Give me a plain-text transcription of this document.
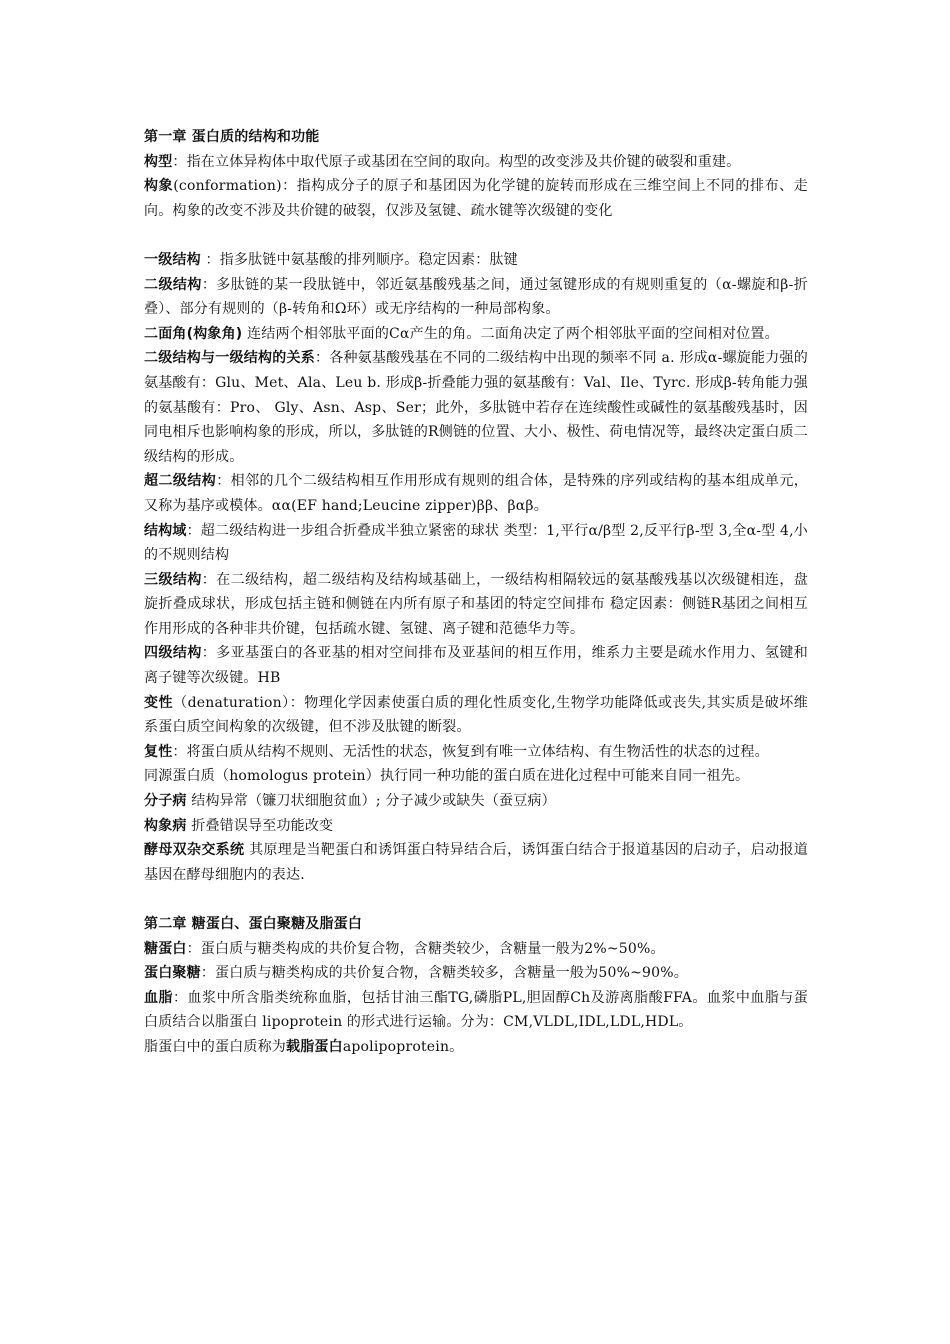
第一章 蛋白质的结构和功能

构型：指在立体异构体中取代原子或基团在空间的取向。构型的改变涉及共价键的破裂和重建。

构象(conformation)：指构成分子的原子和基团因为化学键的旋转而形成在三维空间上不同的排布、走向。构象的改变不涉及共价键的破裂，仅涉及氢键、疏水键等次级键的变化

一级结构 ：指多肽链中氨基酸的排列顺序。稳定因素：肽键

二级结构：多肽链的某一段肽链中，邻近氨基酸残基之间，通过氢键形成的有规则重复的（α-螺旋和β-折叠）、部分有规则的（β-转角和Ω环）或无序结构的一种局部构象。

二面角(构象角) 连结两个相邻肽平面的Cα产生的角。二面角决定了两个相邻肽平面的空间相对位置。

二级结构与一级结构的关系：各种氨基酸残基在不同的二级结构中出现的频率不同 a. 形成α-螺旋能力强的氨基酸有：Glu、Met、Ala、Leu b. 形成β-折叠能力强的氨基酸有：Val、Ile、Tyrc. 形成β-转角能力强的氨基酸有：Pro、 Gly、Asn、Asp、Ser；此外，多肽链中若存在连续酸性或碱性的氨基酸残基时，因同电相斥也影响构象的形成，所以，多肽链的R侧链的位置、大小、极性、荷电情况等，最终决定蛋白质二级结构的形成。

超二级结构：相邻的几个二级结构相互作用形成有规则的组合体，是特殊的序列或结构的基本组成单元，又称为基序或模体。αα(EF hand;Leucine zipper)ββ、βαβ。

结构域：超二级结构进一步组合折叠成半独立紧密的球状 类型：1,平行α/β型 2,反平行β-型 3,全α-型 4,小的不规则结构

三级结构：在二级结构，超二级结构及结构域基础上，一级结构相隔较远的氨基酸残基以次级键相连，盘旋折叠成球状，形成包括主链和侧链在内所有原子和基团的特定空间排布 稳定因素：侧链R基团之间相互作用形成的各种非共价键，包括疏水键、氢键、离子键和范德华力等。

四级结构：多亚基蛋白的各亚基的相对空间排布及亚基间的相互作用，维系力主要是疏水作用力、氢键和离子键等次级键。HB

变性（denaturation）：物理化学因素使蛋白质的理化性质变化,生物学功能降低或丧失,其实质是破坏维系蛋白质空间构象的次级键，但不涉及肽键的断裂。

复性：将蛋白质从结构不规则、无活性的状态，恢复到有唯一立体结构、有生物活性的状态的过程。

同源蛋白质（homologus protein）执行同一种功能的蛋白质在进化过程中可能来自同一祖先。

分子病 结构异常（镰刀状细胞贫血）; 分子减少或缺失（蚕豆病）

构象病 折叠错误导至功能改变

酵母双杂交系统 其原理是当靶蛋白和诱饵蛋白特异结合后，诱饵蛋白结合于报道基因的启动子，启动报道基因在酵母细胞内的表达.

第二章 糖蛋白、蛋白聚糖及脂蛋白

糖蛋白：蛋白质与糖类构成的共价复合物，含糖类较少，含糖量一般为2%~50%。

蛋白聚糖：蛋白质与糖类构成的共价复合物，含糖类较多，含糖量一般为50%~90%。

血脂：血浆中所含脂类统称血脂，包括甘油三酯TG,磷脂PL,胆固醇Ch及游离脂酸FFA。血浆中血脂与蛋白质结合以脂蛋白 lipoprotein 的形式进行运输。分为：CM,VLDL,IDL,LDL,HDL。

脂蛋白中的蛋白质称为载脂蛋白apolipoprotein。
